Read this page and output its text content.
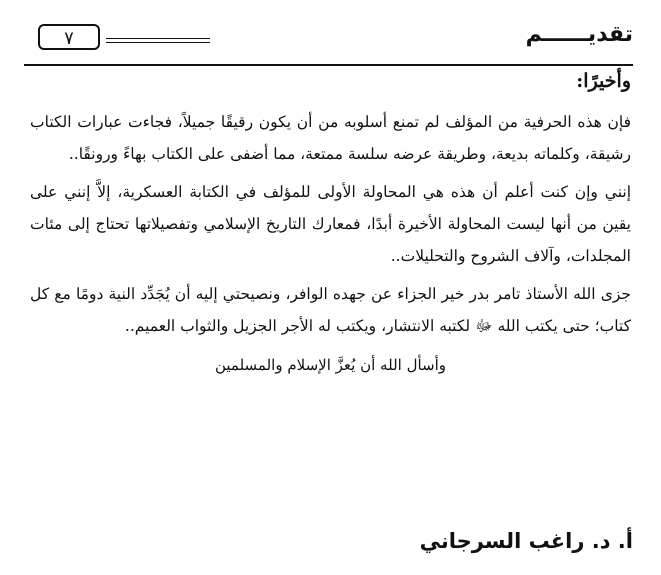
تقديــــــم
٧

وأخيرًا:

فإن هذه الحرفية من المؤلف لم تمنع أسلوبه من أن يكون رقيقًا جميلاً، فجاءت عبارات الكتاب رشيقة، وكلماته بديعة، وطريقة عرضه سلسة ممتعة، مما أضفى على الكتاب بهاءً ورونقًا..

إنني وإن كنت أعلم أن هذه هي المحاولة الأولى للمؤلف في الكتابة العسكرية، إلاَّ إنني على يقين من أنها ليست المحاولة الأخيرة أبدًا، فمعارك التاريخ الإسلامي وتفصيلاتها تحتاج إلى مئات المجلدات، وآلاف الشروح والتحليلات..

جزى الله الأستاذ تامر بدر خير الجزاء عن جهده الوافر، ونصيحتي إليه أن يُجَدِّد النية دومًا مع كل كتاب؛ حتى يكتب الله ﷻ لكتبه الانتشار، ويكتب له الأجر الجزيل والثواب العميم..

وأسأل الله أن يُعزَّ الإسلام والمسلمين

أ. د. راغب السرجاني
